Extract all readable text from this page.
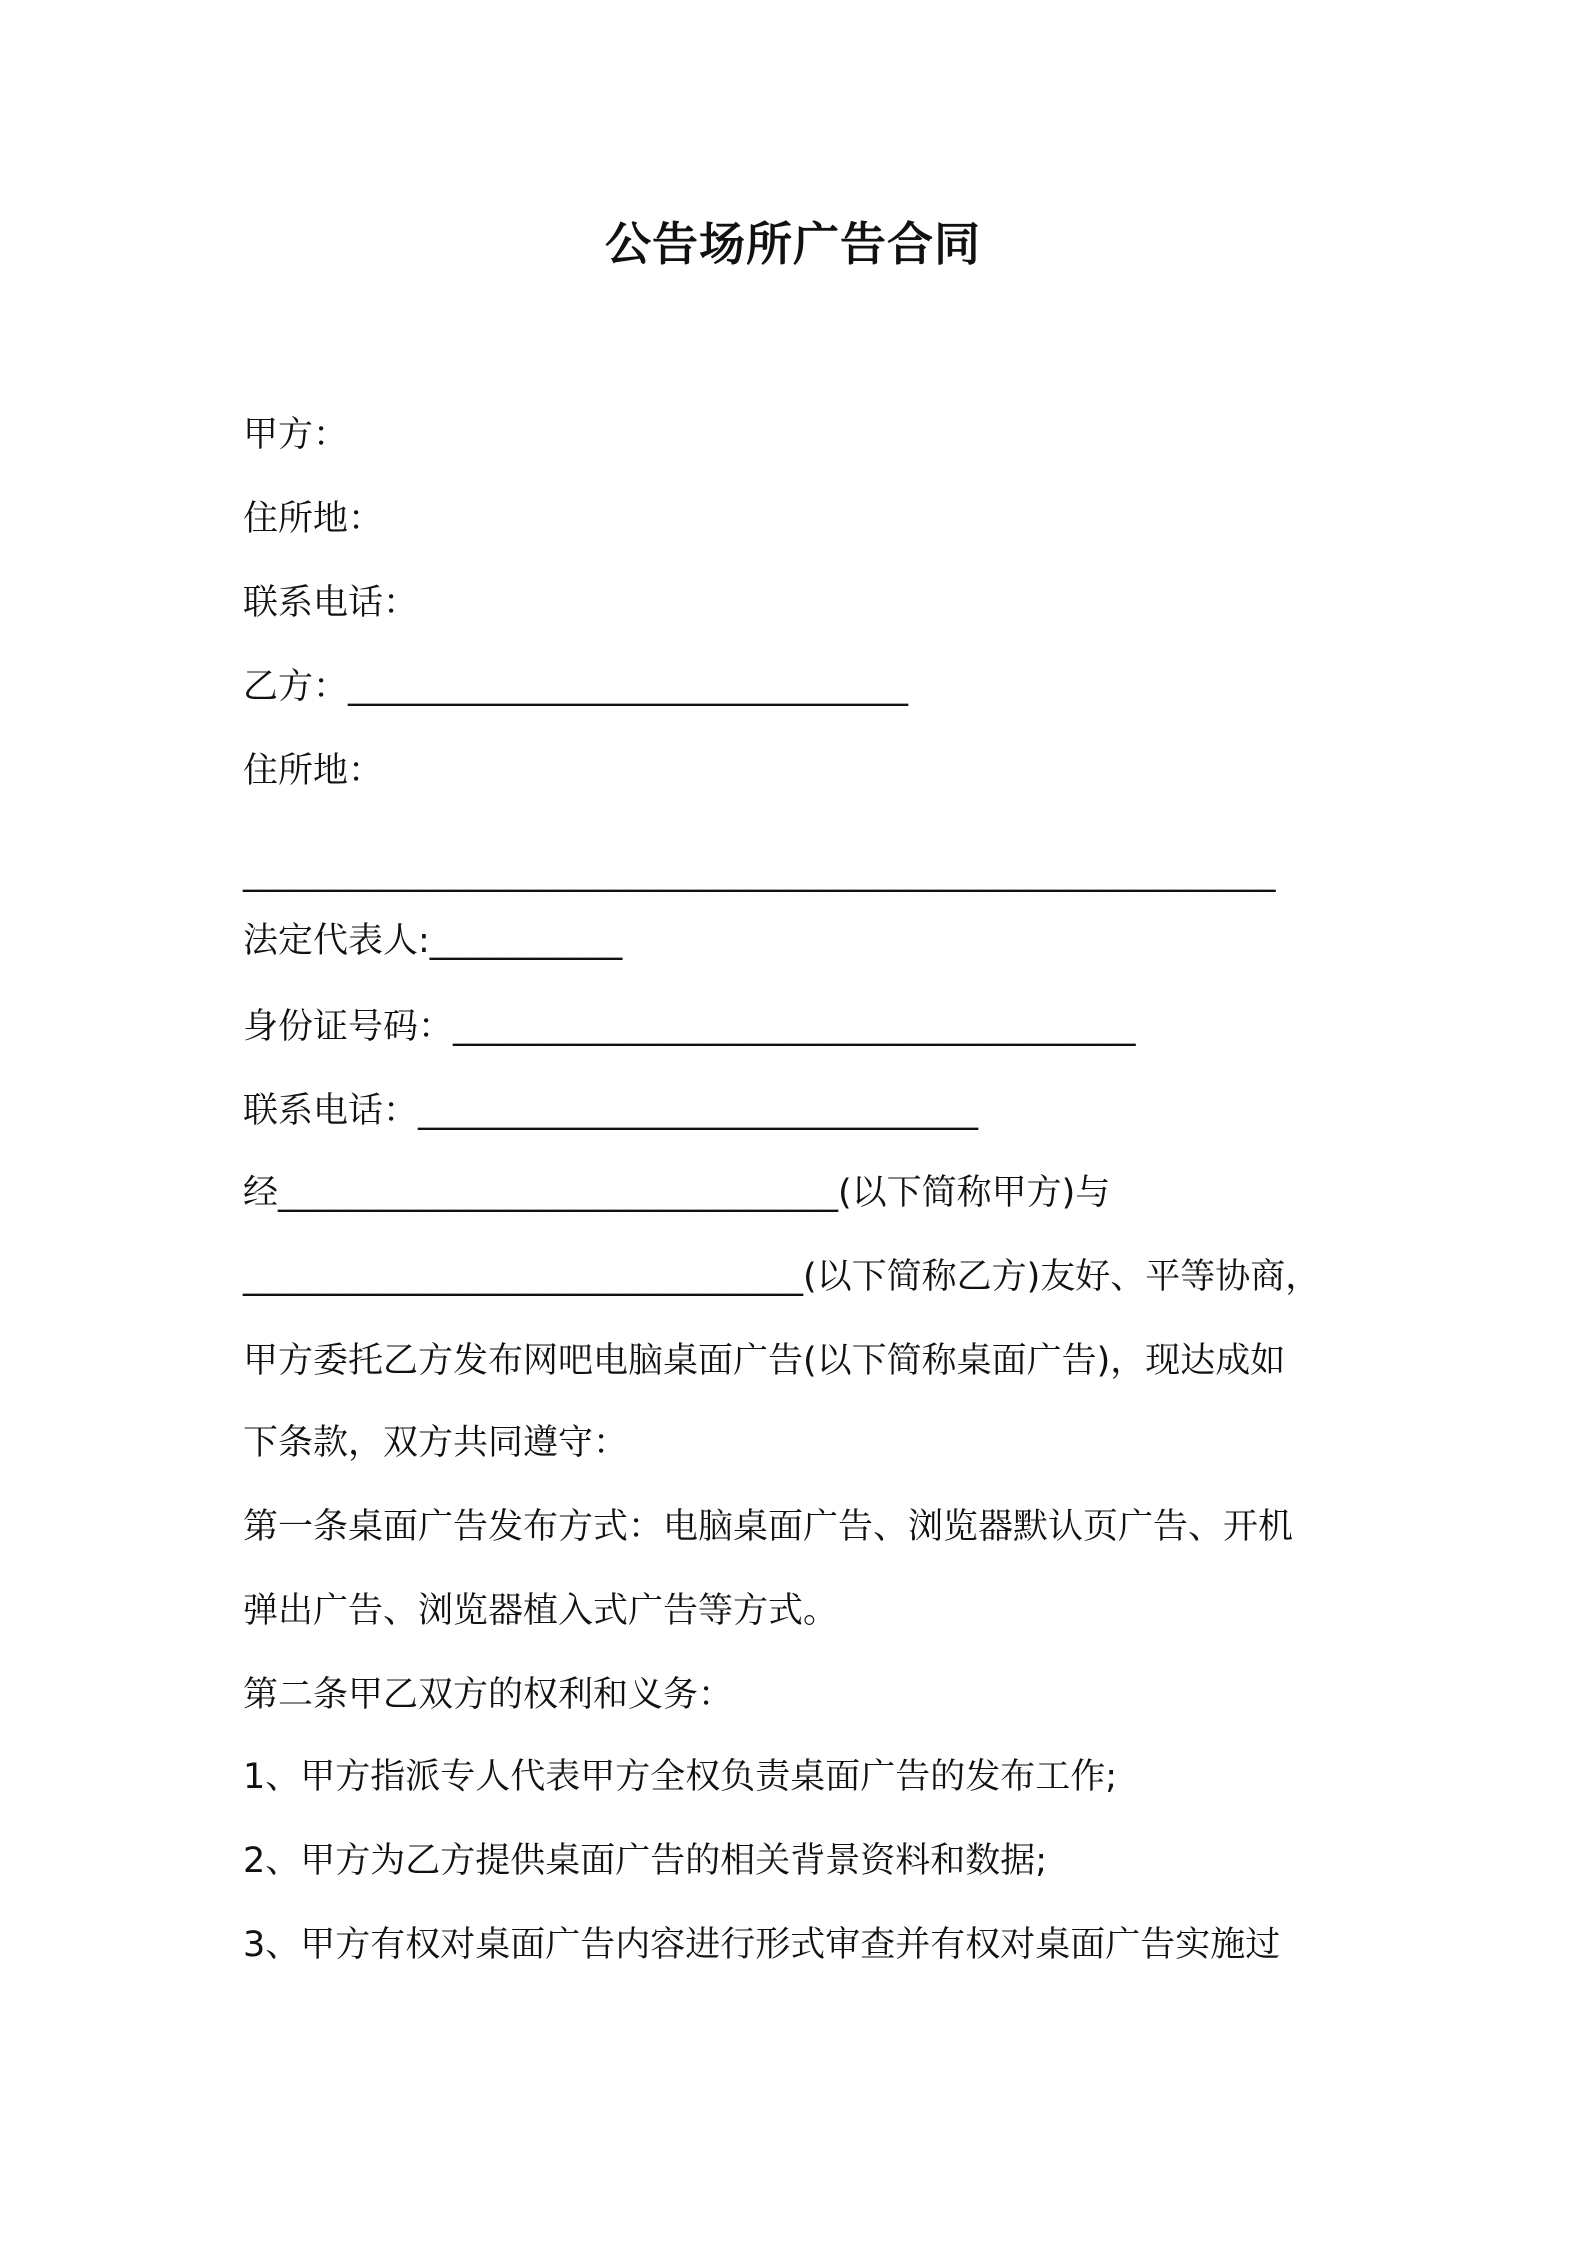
公告场所广告合同
甲方：
住所地：
联系电话：
乙方：________________________________
住所地：
___________________________________________________________
法定代表人:___________
身份证号码：_______________________________________
联系电话：________________________________
经________________________________(以下简称甲方)与
________________________________(以下简称乙方)友好、平等协商，
甲方委托乙方发布网吧电脑桌面广告(以下简称桌面广告)，现达成如
下条款，双方共同遵守：
第一条桌面广告发布方式：电脑桌面广告、浏览器默认页广告、开机
弹出广告、浏览器植入式广告等方式。
第二条甲乙双方的权利和义务：
1、甲方指派专人代表甲方全权负责桌面广告的发布工作;
2、甲方为乙方提供桌面广告的相关背景资料和数据;
3、甲方有权对桌面广告内容进行形式审查并有权对桌面广告实施过
